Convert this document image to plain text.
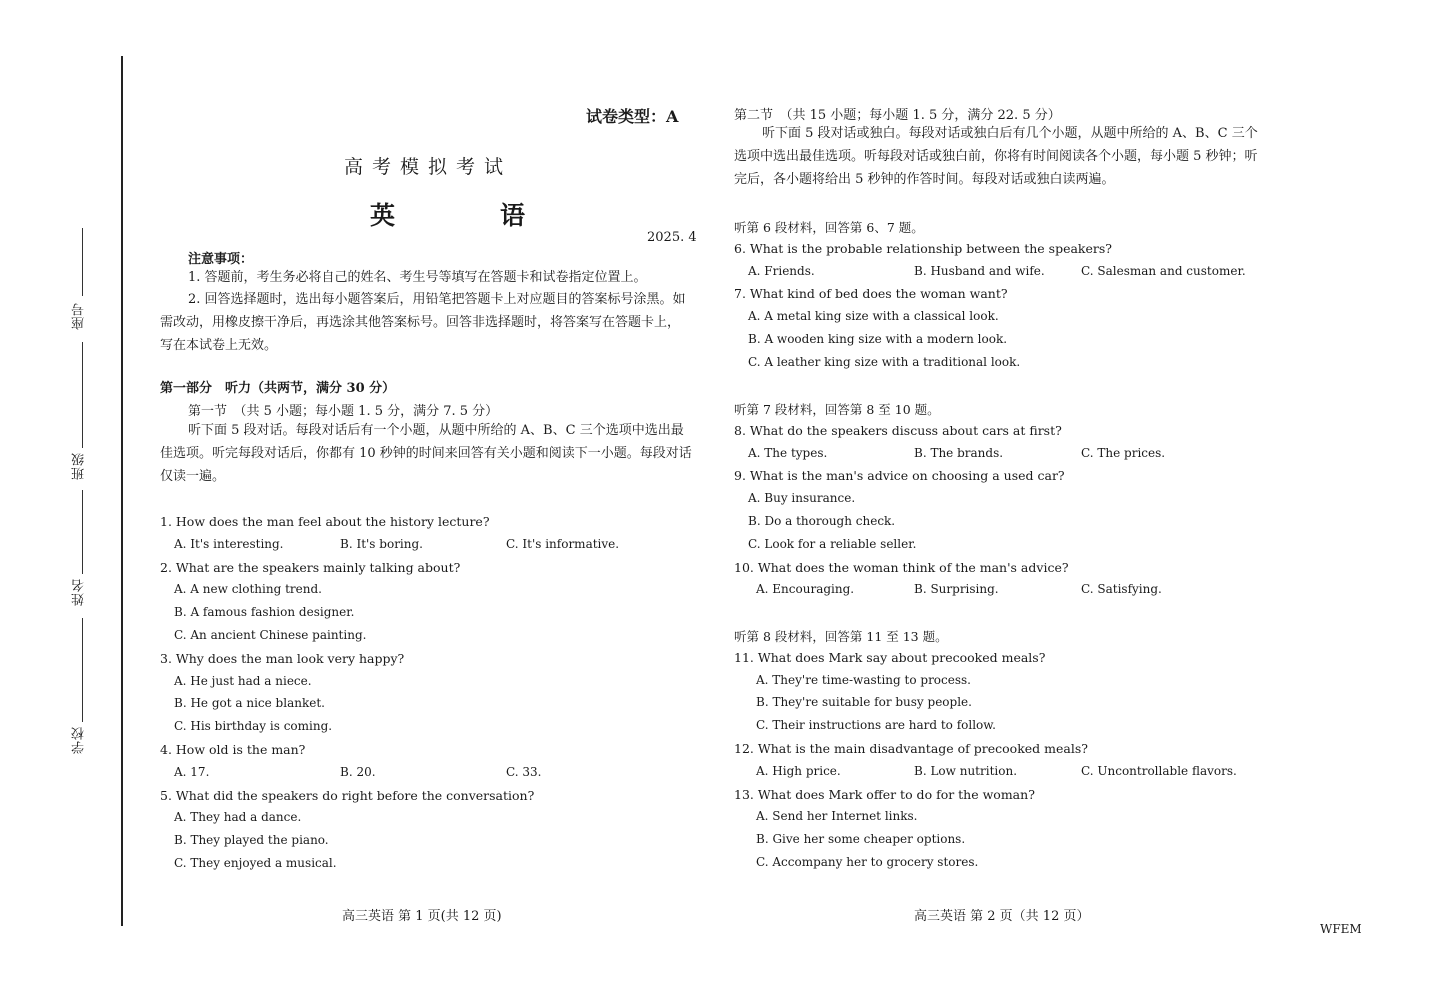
座号
班级
姓名
学校
试卷类型：A
高考模拟考试
英　语
2025. 4
注意事项：
1. 答题前，考生务必将自己的姓名、考生号等填写在答题卡和试卷指定位置上。
2. 回答选择题时，选出每小题答案后，用铅笔把答题卡上对应题目的答案标号涂黑。如需改动，用橡皮擦干净后，再选涂其他答案标号。回答非选择题时，将答案写在答题卡上，写在本试卷上无效。
第一部分　听力（共两节，满分 30 分）
第一节　（共 5 小题；每小题 1. 5 分，满分 7. 5 分）
听下面 5 段对话。每段对话后有一个小题，从题中所给的 A、B、C 三个选项中选出最佳选项。听完每段对话后，你都有 10 秒钟的时间来回答有关小题和阅读下一小题。每段对话仅读一遍。
1. How does the man feel about the history lecture?
A. It's interesting.	B. It's boring.	C. It's informative.
2. What are the speakers mainly talking about?
A. A new clothing trend.
B. A famous fashion designer.
C. An ancient Chinese painting.
3. Why does the man look very happy?
A. He just had a niece.
B. He got a nice blanket.
C. His birthday is coming.
4. How old is the man?
A. 17.	B. 20.	C. 33.
5. What did the speakers do right before the conversation?
A. They had a dance.
B. They played the piano.
C. They enjoyed a musical.
高三英语 第 1 页(共 12 页)
第二节　（共 15 小题；每小题 1. 5 分，满分 22. 5 分）
听下面 5 段对话或独白。每段对话或独白后有几个小题，从题中所给的 A、B、C 三个选项中选出最佳选项。听每段对话或独白前，你将有时间阅读各个小题，每小题 5 秒钟；听完后，各小题将给出 5 秒钟的作答时间。每段对话或独白读两遍。
听第 6 段材料，回答第 6、7 题。
6. What is the probable relationship between the speakers?
A. Friends.	B. Husband and wife.	C. Salesman and customer.
7. What kind of bed does the woman want?
A. A metal king size with a classical look.
B. A wooden king size with a modern look.
C. A leather king size with a traditional look.
听第 7 段材料，回答第 8 至 10 题。
8. What do the speakers discuss about cars at first?
A. The types.	B. The brands.	C. The prices.
9. What is the man's advice on choosing a used car?
A. Buy insurance.
B. Do a thorough check.
C. Look for a reliable seller.
10. What does the woman think of the man's advice?
A. Encouraging.	B. Surprising.	C. Satisfying.
听第 8 段材料，回答第 11 至 13 题。
11. What does Mark say about precooked meals?
A. They're time-wasting to process.
B. They're suitable for busy people.
C. Their instructions are hard to follow.
12. What is the main disadvantage of precooked meals?
A. High price.	B. Low nutrition.	C. Uncontrollable flavors.
13. What does Mark offer to do for the woman?
A. Send her Internet links.
B. Give her some cheaper options.
C. Accompany her to grocery stores.
高三英语 第 2 页（共 12 页）
WFEM
